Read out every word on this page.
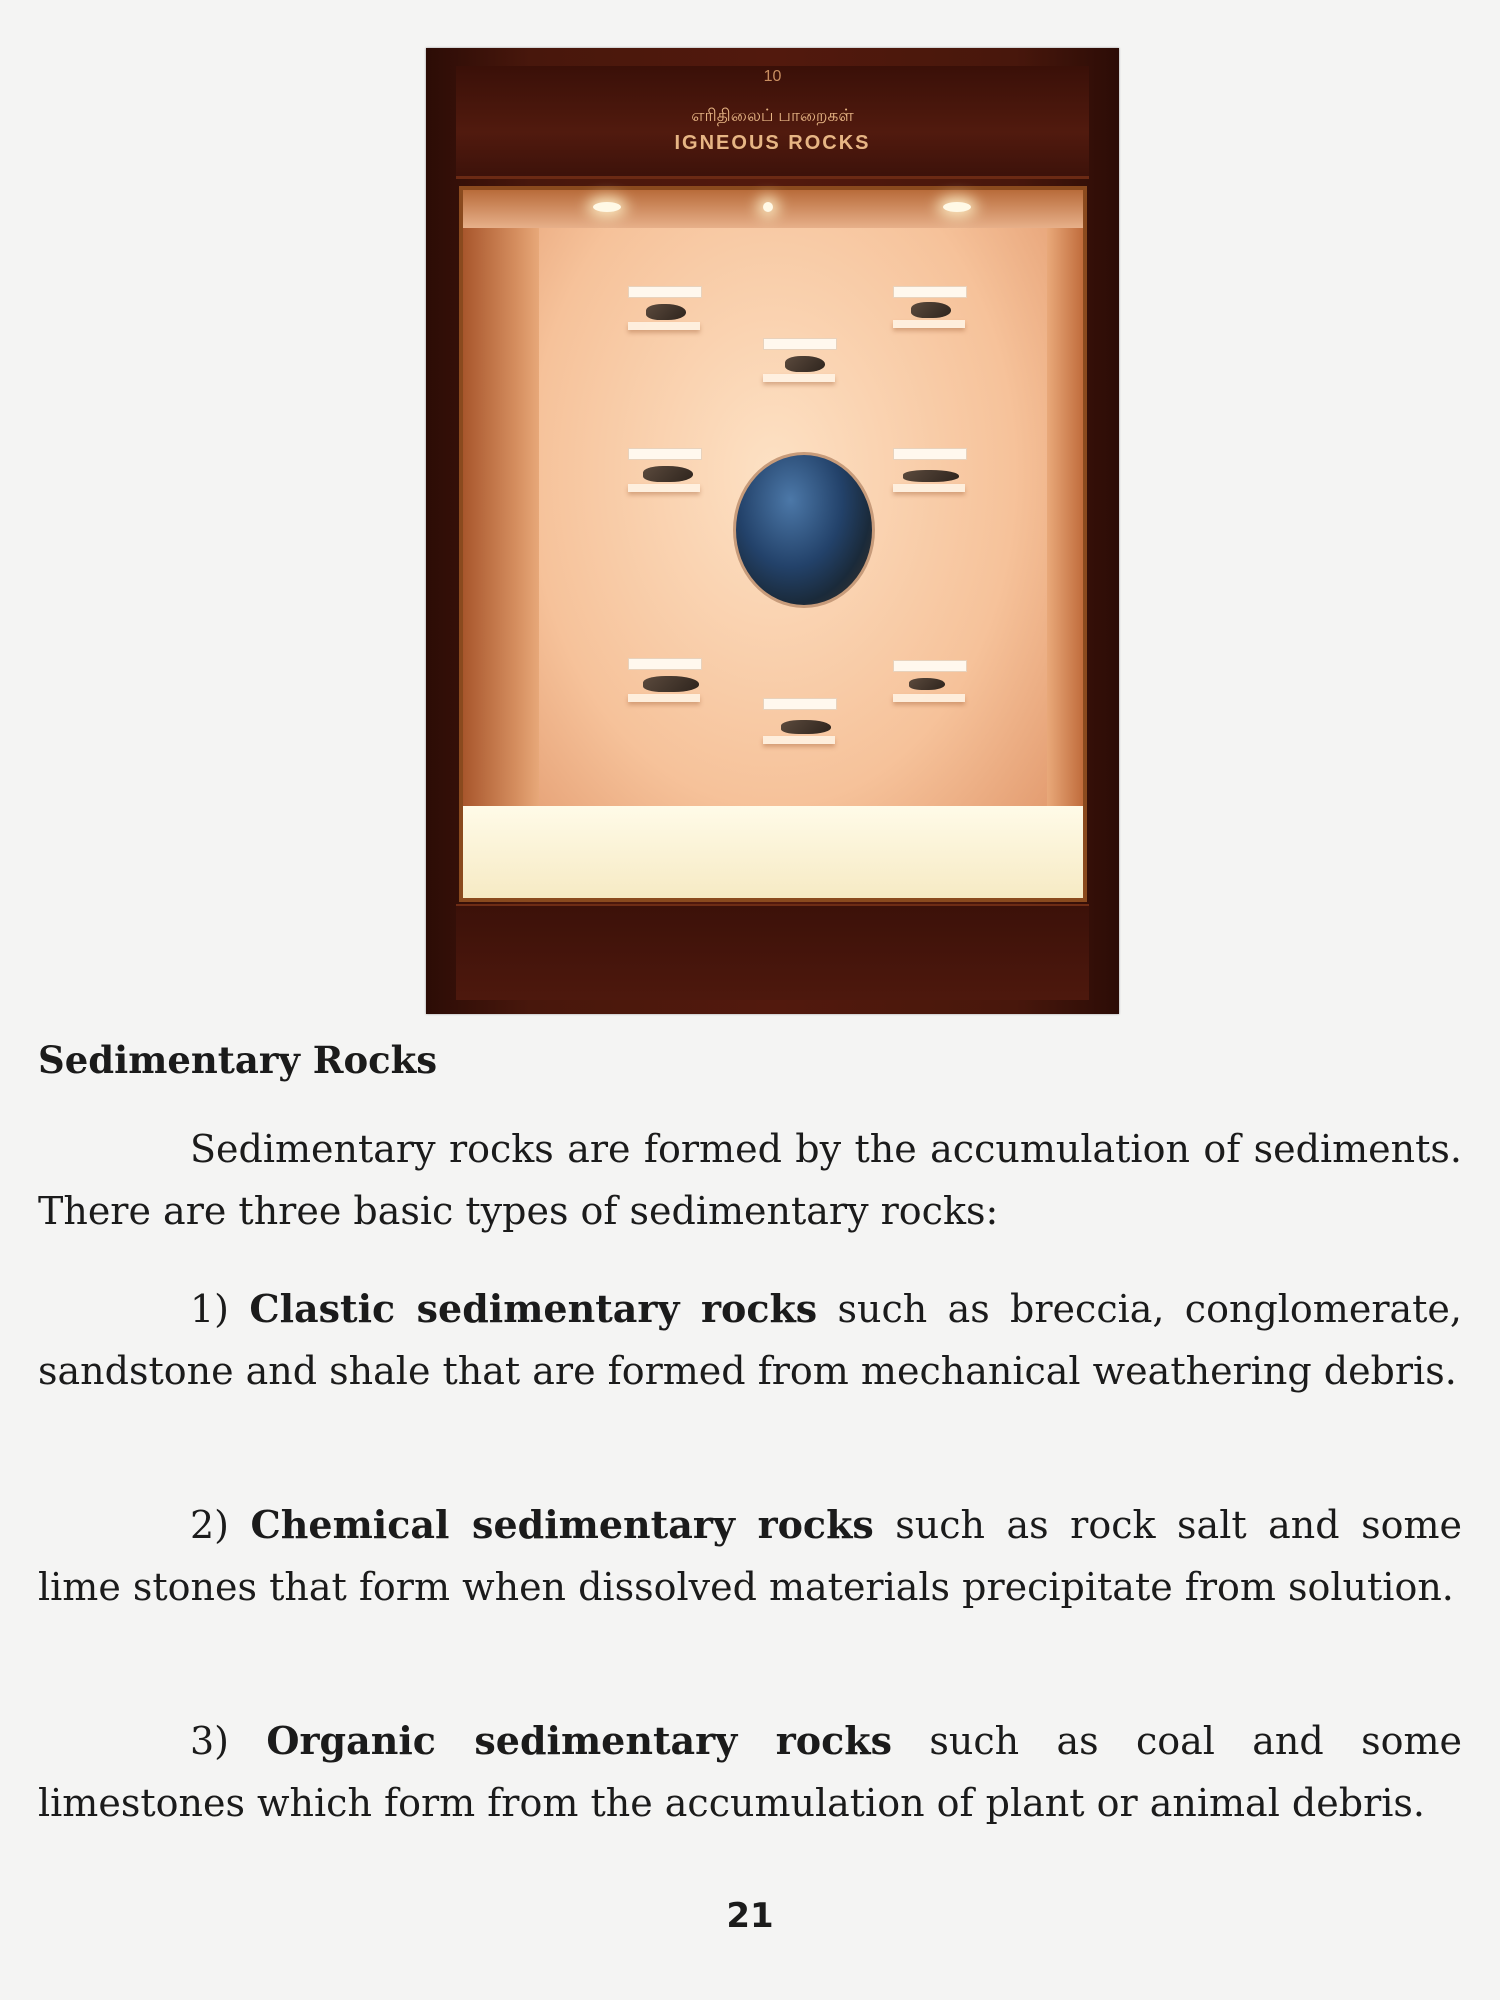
10
எரிதிலைப் பாறைகள்
IGNEOUS ROCKS
Sedimentary Rocks
Sedimentary rocks are formed by the accumulation of sediments. There are three basic types of sedimentary rocks:
1) Clastic sedimentary rocks such as breccia, conglomerate, sandstone and shale that are formed from mechanical weathering debris.
2) Chemical sedimentary rocks such as rock salt and some lime stones that form when dissolved materials precipitate from solution.
3) Organic sedimentary rocks such as coal and some limestones which form from the accumulation of plant or animal debris.
21
